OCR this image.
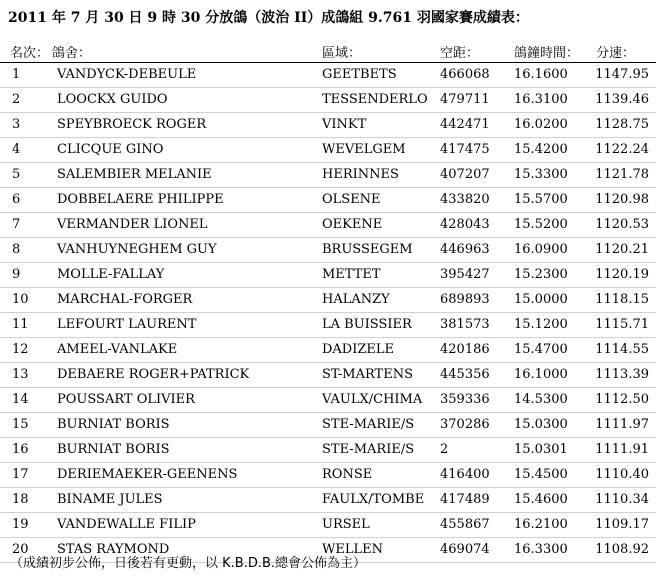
2011 年 7 月 30 日 9 時 30 分放鴿（波治 II）成鴿組 9.761 羽國家賽成績表：
名次： 鴿舍：	區域：	空距：	鴿鐘時間： 分速：
1	VANDYCK-DEBEULE	GEETBETS	466068 16.1600 1147.95
2	LOOCKX GUIDO	TESSENDERLO 479711 16.3100 1139.46
3	SPEYBROECK ROGER	VINKT	442471 16.0200 1128.75
4	CLICQUE GINO	WEVELGEM	417475 15.4200 1122.24
5	SALEMBIER MELANIE	HERINNES	407207 15.3300 1121.78
6	DOBBELAERE PHILIPPE	OLSENE	433820 15.5700 1120.98
7	VERMANDER LIONEL	OEKENE	428043 15.5200 1120.53
8	VANHUYNEGHEM GUY	BRUSSEGEM 446963 16.0900 1120.21
9	MOLLE-FALLAY	METTET	395427 15.2300 1120.19
10 MARCHAL-FORGER	HALANZY	689893 15.0000 1118.15
11 LEFOURT LAURENT	LA BUISSIER 381573 15.1200 1115.71
12 AMEEL-VANLAKE	DADIZELE	420186 15.4700 1114.55
13 DEBAERE ROGER+PATRICK	ST-MARTENS 445356 16.1000 1113.39
14 POUSSART OLIVIER	VAULX/CHIMA 359336 14.5300 1112.50
15 BURNIAT BORIS	STE-MARIE/S 370286 15.0300 1111.97
16 BURNIAT BORIS	STE-MARIE/S 2	15.0301 1111.91
17 DERIEMAEKER-GEENENS	RONSE	416400 15.4500 1110.40
18 BINAME JULES	FAULX/TOMBE 417489 15.4600 1110.34
19 VANDEWALLE FILIP	URSEL	455867 16.2100 1109.17
20 STAS RAYMOND	WELLEN	469074 16.3300 1108.92
（成績初步公佈，日後若有更動，以 K.B.D.B.總會公佈為主）
